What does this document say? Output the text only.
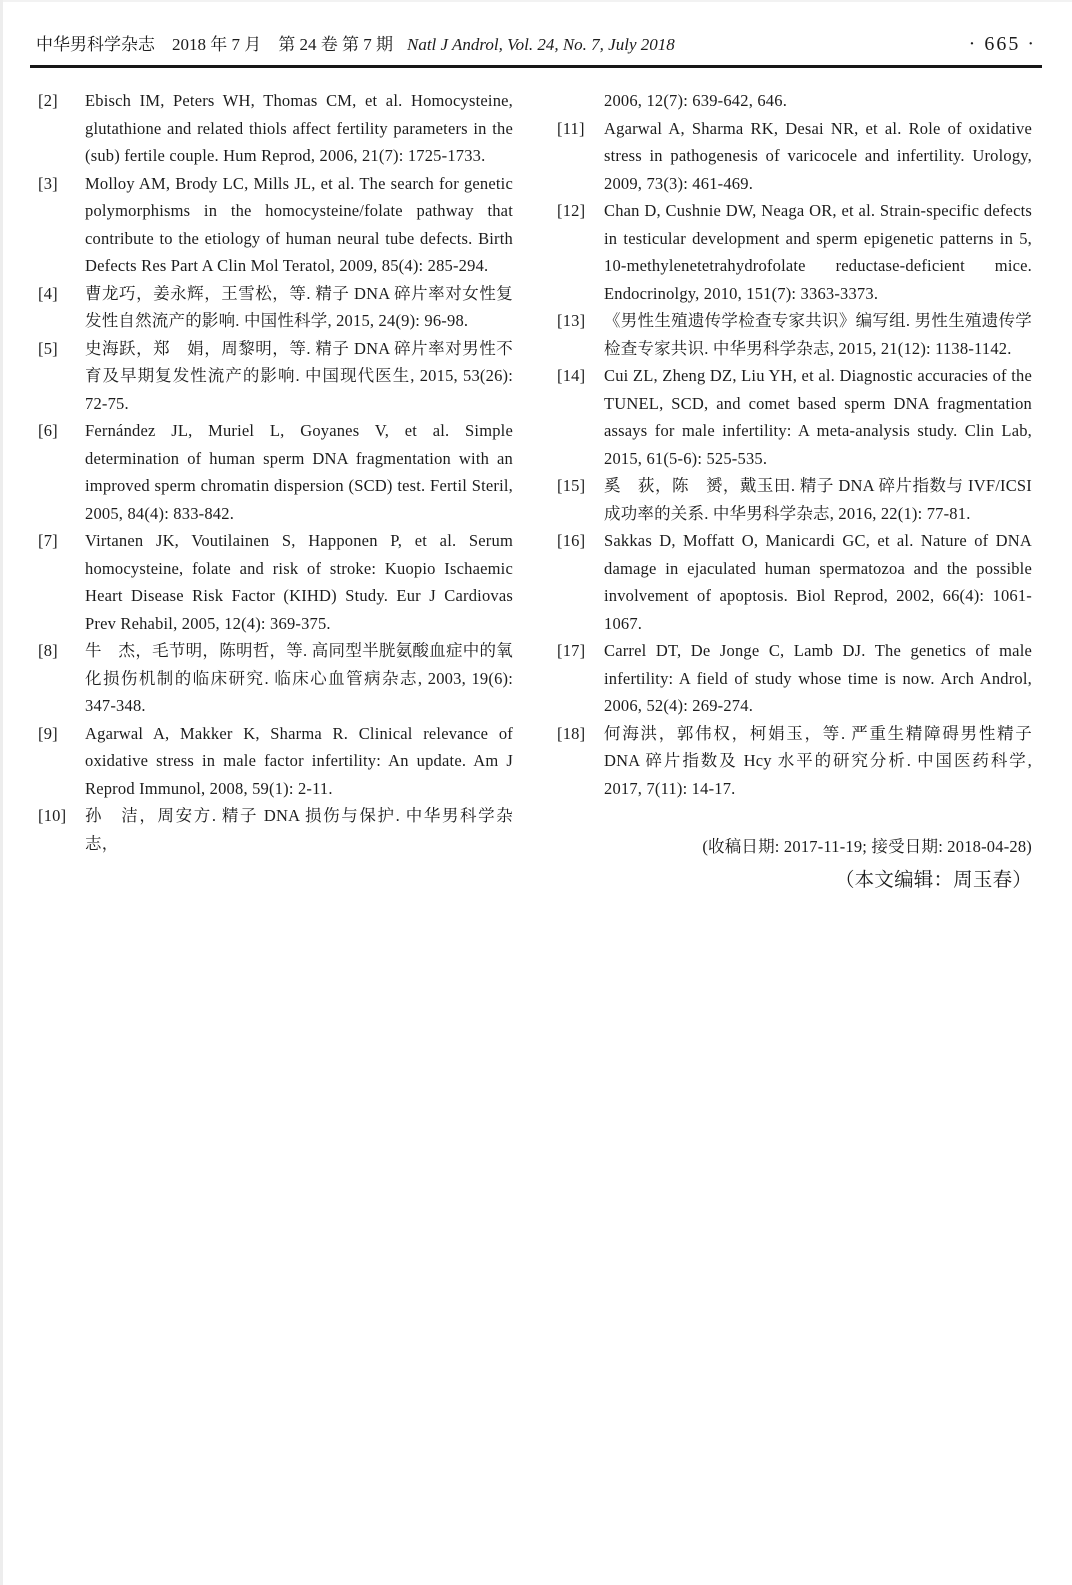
中华男科学杂志　2018 年 7 月　第 24 卷 第 7 期 Natl J Androl, Vol. 24, No. 7, July 2018	· 665 ·
[2]	Ebisch IM, Peters WH, Thomas CM, et al. Homocysteine, glutathione and related thiols affect fertility parameters in the (sub) fertile couple. Hum Reprod, 2006, 21(7): 1725-1733.
[3]	Molloy AM, Brody LC, Mills JL, et al. The search for genetic polymorphisms in the homocysteine/folate pathway that contribute to the etiology of human neural tube defects. Birth Defects Res Part A Clin Mol Teratol, 2009, 85(4): 285-294.
[4]	曹龙巧，姜永辉，王雪松，等. 精子 DNA 碎片率对女性复发性自然流产的影响. 中国性科学, 2015, 24(9): 96-98.
[5]	史海跃，郑　娟，周黎明，等. 精子 DNA 碎片率对男性不育及早期复发性流产的影响. 中国现代医生, 2015, 53(26): 72-75.
[6]	Fernández JL, Muriel L, Goyanes V, et al. Simple determination of human sperm DNA fragmentation with an improved sperm chromatin dispersion (SCD) test. Fertil Steril, 2005, 84(4): 833-842.
[7]	Virtanen JK, Voutilainen S, Happonen P, et al. Serum homocysteine, folate and risk of stroke: Kuopio Ischaemic Heart Disease Risk Factor (KIHD) Study. Eur J Cardiovas Prev Rehabil, 2005, 12(4): 369-375.
[8]	牛　杰，毛节明，陈明哲，等. 高同型半胱氨酸血症中的氧化损伤机制的临床研究. 临床心血管病杂志, 2003, 19(6): 347-348.
[9]	Agarwal A, Makker K, Sharma R. Clinical relevance of oxidative stress in male factor infertility: An update. Am J Reprod Immunol, 2008, 59(1): 2-11.
[10]	孙　洁，周安方. 精子 DNA 损伤与保护. 中华男科学杂志，
2006, 12(7): 639-642, 646.
[11]	Agarwal A, Sharma RK, Desai NR, et al. Role of oxidative stress in pathogenesis of varicocele and infertility. Urology, 2009, 73(3): 461-469.
[12]	Chan D, Cushnie DW, Neaga OR, et al. Strain-specific defects in testicular development and sperm epigenetic patterns in 5, 10-methylenetetrahydrofolate reductase-deficient mice. Endocrinolgy, 2010, 151(7): 3363-3373.
[13]	《男性生殖遗传学检查专家共识》编写组. 男性生殖遗传学检查专家共识. 中华男科学杂志, 2015, 21(12): 1138-1142.
[14]	Cui ZL, Zheng DZ, Liu YH, et al. Diagnostic accuracies of the TUNEL, SCD, and comet based sperm DNA fragmentation assays for male infertility: A meta-analysis study. Clin Lab, 2015, 61(5-6): 525-535.
[15]	奚　荻，陈　赟，戴玉田. 精子 DNA 碎片指数与 IVF/ICSI 成功率的关系. 中华男科学杂志, 2016, 22(1): 77-81.
[16]	Sakkas D, Moffatt O, Manicardi GC, et al. Nature of DNA damage in ejaculated human spermatozoa and the possible involvement of apoptosis. Biol Reprod, 2002, 66(4): 1061-1067.
[17]	Carrel DT, De Jonge C, Lamb DJ. The genetics of male infertility: A field of study whose time is now. Arch Androl, 2006, 52(4): 269-274.
[18]	何海洪，郭伟权，柯娟玉，等. 严重生精障碍男性精子 DNA 碎片指数及 Hcy 水平的研究分析. 中国医药科学, 2017, 7(11): 14-17.
(收稿日期: 2017-11-19; 接受日期: 2018-04-28)
（本文编辑：周玉春）
